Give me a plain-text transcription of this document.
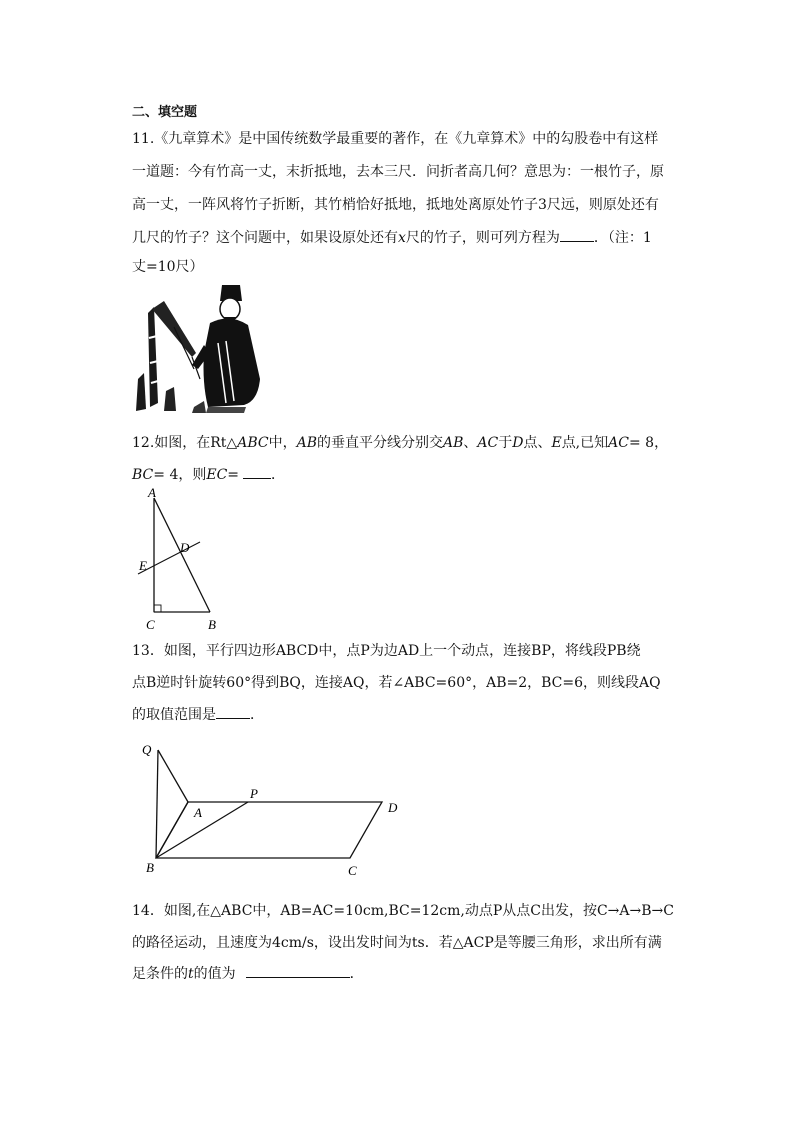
二、填空题
11.《九章算术》是中国传统数学最重要的著作，在《九章算术》中的勾股卷中有这样
一道题：今有竹高一丈，末折抵地，去本三尺．问折者高几何？意思为：一根竹子，原
高一丈，一阵风将竹子折断，其竹梢恰好抵地，抵地处离原处竹子3尺远，则原处还有
几尺的竹子？这个问题中，如果设原处还有x尺的竹子，则可列方程为 ．（注：1
丈=10尺）
12.如图，在Rt△ABC中，AB的垂直平分线分别交AB、AC于D点、E点,已知AC= 8，
BC= 4，则EC= ．
A
C	B
D
E
13．如图，平行四边形ABCD中，点P为边AD上一个动点，连接BP，将线段PB绕
点B逆时针旋转60°得到BQ，连接AQ，若∠ABC=60°，AB=2，BC=6，则线段AQ
的取值范围是 ．
Q
A
P
D
B	C
14．如图,在△ABC中，AB=AC=10cm,BC=12cm,动点P从点C出发，按C→A→B→C
的路径运动，且速度为4cm/s，设出发时间为ts．若△ACP是等腰三角形，求出所有满
足条件的t的值为	．
